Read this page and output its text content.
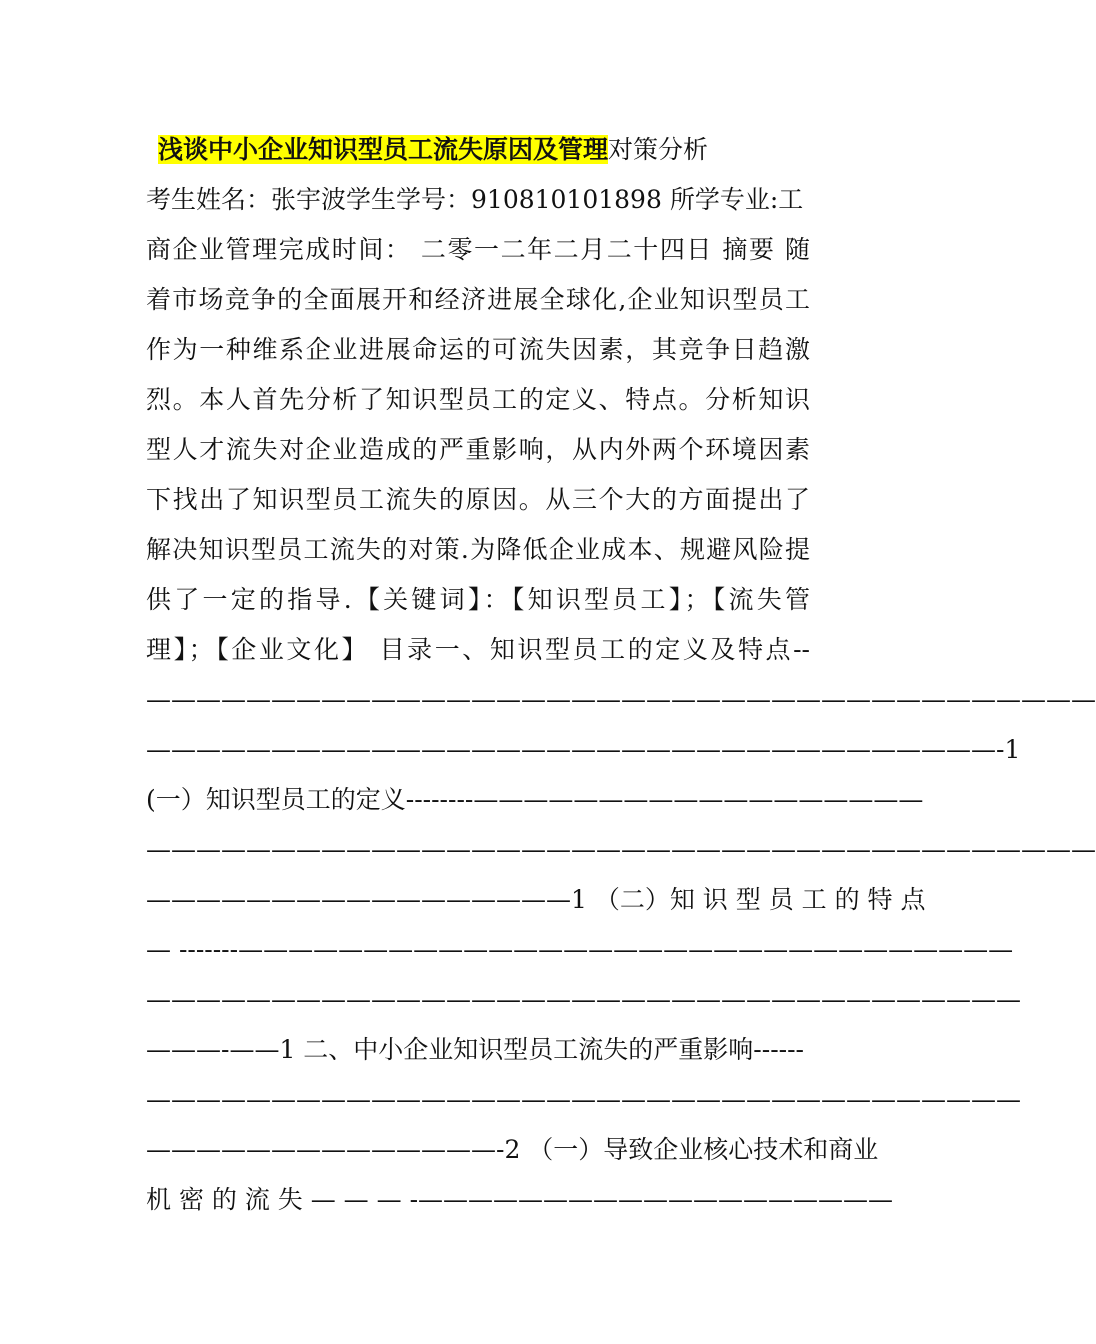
浅谈中小企业知识型员工流失原因及管理对策分析
考生姓名：张宇波学生学号：910810101898 所学专业:工
商企业管理完成时间： 二零一二年二月二十四日 摘要 随
着市场竞争的全面展开和经济进展全球化,企业知识型员工
作为一种维系企业进展命运的可流失因素，其竞争日趋激
烈。本人首先分析了知识型员工的定义、特点。分析知识
型人才流失对企业造成的严重影响，从内外两个环境因素
下找出了知识型员工流失的原因。从三个大的方面提出了
解决知识型员工流失的对策.为降低企业成本、规避风险提
供了一定的指导.【关键词】：【知识型员工】；【流失管
理】；【企业文化】 目录一、知识型员工的定义及特点--
——————————————————————————————————————
——————————————————————————————————-1
(一）知识型员工的定义--------——————————————————
——————————————————————————————————————
—————————————————1 （二）知 识 型 员 工 的 特 点
— -------———————————————————————————————
———————————————————————————————————
———-——1 二、中小企业知识型员工流失的严重影响------
———————————————————————————————————
——————————————-2 （一）导致企业核心技术和商业
机 密 的 流 失 — — — -———————————————————
